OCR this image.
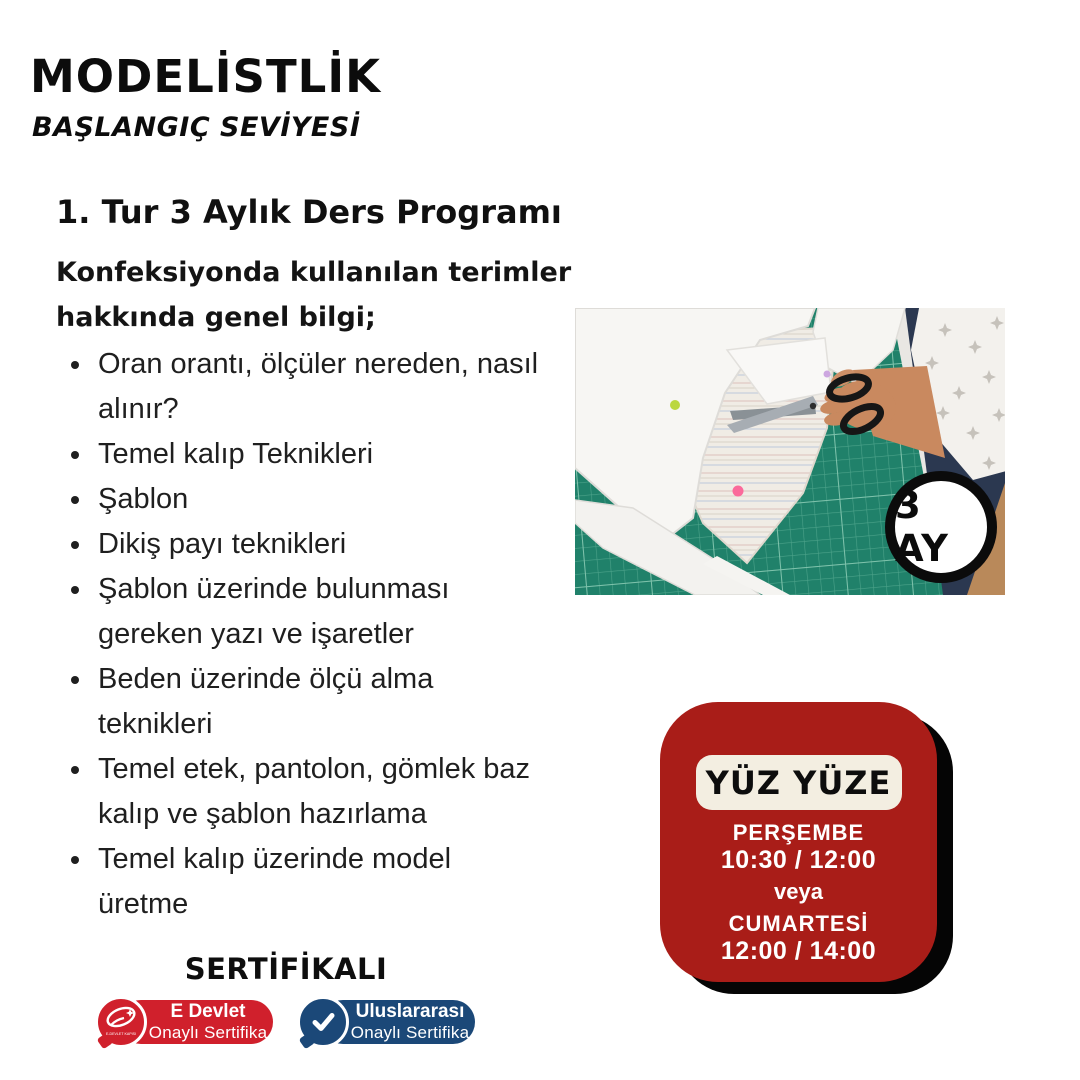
MODELİSTLİK
BAŞLANGIÇ SEVİYESİ
1. Tur 3 Aylık Ders Programı
Konfeksiyonda kullanılan terimler
hakkında genel bilgi;
• Oran orantı, ölçüler nereden, nasıl alınır?
• Temel kalıp Teknikleri
• Şablon
• Dikiş payı teknikleri
• Şablon üzerinde bulunması gereken yazı ve işaretler
• Beden üzerinde ölçü alma teknikleri
• Temel etek, pantolon, gömlek baz kalıp ve şablon hazırlama
• Temel kalıp üzerinde model üretme
3 AY
YÜZ YÜZE
PERŞEMBE
10:30 / 12:00
veya
CUMARTESİ
12:00 / 14:00
SERTİFİKALI
E Devlet
Onaylı Sertifika
E-DEVLET KAPISI
Uluslararası
Onaylı Sertifika
